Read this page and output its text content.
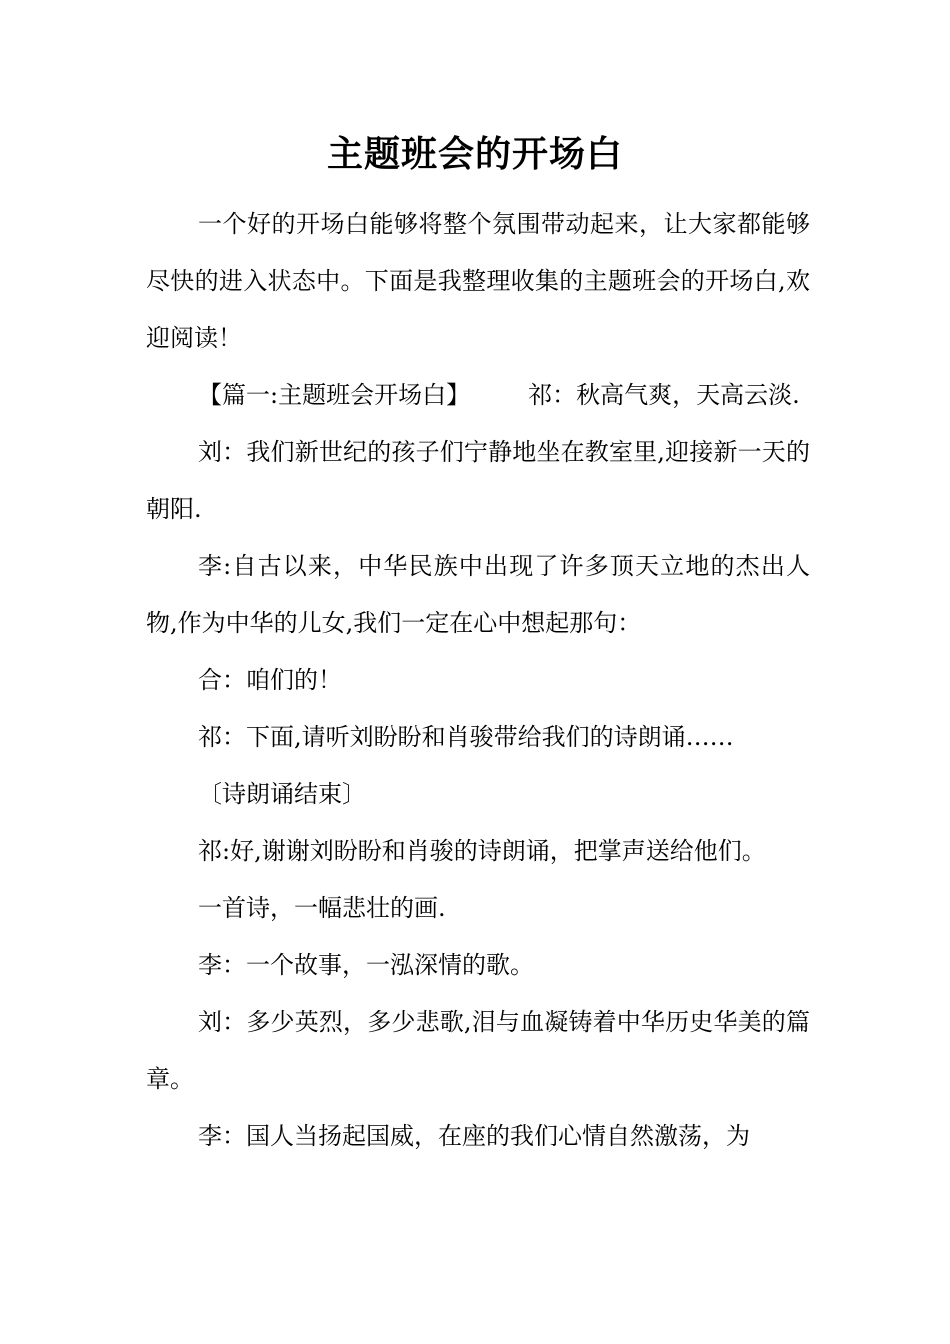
主题班会的开场白

一个好的开场白能够将整个氛围带动起来，让大家都能够尽快的进入状态中。下面是我整理收集的主题班会的开场白,欢迎阅读！

【篇一:主题班会开场白】 祁：秋高气爽，天高云淡.

刘：我们新世纪的孩子们宁静地坐在教室里,迎接新一天的朝阳.

李:自古以来，中华民族中出现了许多顶天立地的杰出人物,作为中华的儿女,我们一定在心中想起那句：

合：咱们的！

祁：下面,请听刘盼盼和肖骏带给我们的诗朗诵……

〔诗朗诵结束〕

祁:好,谢谢刘盼盼和肖骏的诗朗诵，把掌声送给他们。

一首诗，一幅悲壮的画.

李：一个故事，一泓深情的歌。

刘：多少英烈，多少悲歌,泪与血凝铸着中华历史华美的篇章。

李：国人当扬起国威，在座的我们心情自然激荡，为
